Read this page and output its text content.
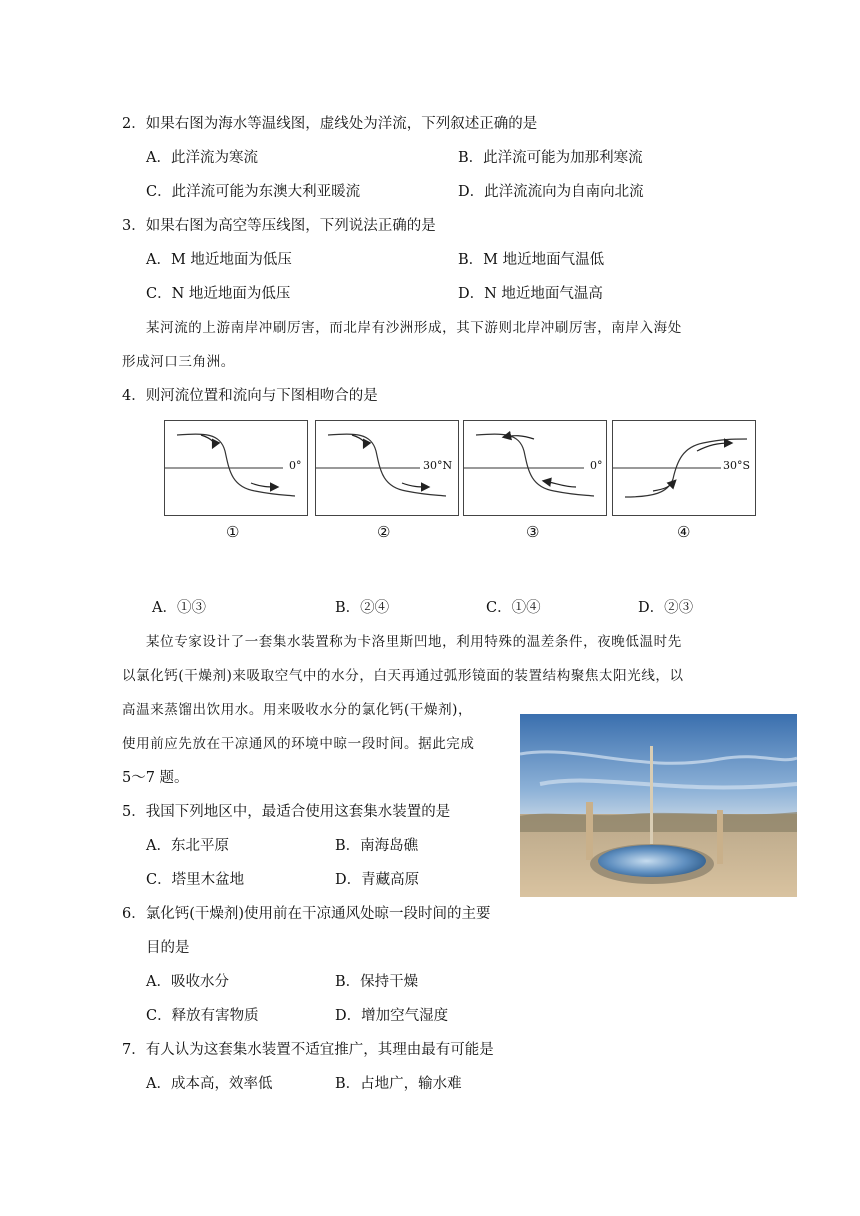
2．如果右图为海水等温线图，虚线处为洋流，下列叙述正确的是
A．此洋流为寒流	B．此洋流可能为加那利寒流
C．此洋流可能为东澳大利亚暖流	D．此洋流流向为自南向北流
3．如果右图为高空等压线图，下列说法正确的是
A．M 地近地面为低压	B．M 地近地面气温低
C．N 地近地面为低压	D．N 地近地面气温高
某河流的上游南岸冲刷厉害，而北岸有沙洲形成，其下游则北岸冲刷厉害，南岸入海处
形成河口三角洲。
4．则河流位置和流向与下图相吻合的是
0°
①
30°N
②
0°
③
30°S
④
A．①③	B．②④	C．①④	D．②③
某位专家设计了一套集水装置称为卡洛里斯凹地，利用特殊的温差条件，夜晚低温时先
以氯化钙(干燥剂)来吸取空气中的水分，白天再通过弧形镜面的装置结构聚焦太阳光线，以
高温来蒸馏出饮用水。用来吸收水分的氯化钙(干燥剂)，
使用前应先放在干凉通风的环境中晾一段时间。据此完成
5～7 题。
5．我国下列地区中，最适合使用这套集水装置的是
A．东北平原	B．南海岛礁
C．塔里木盆地	D．青藏高原
6．氯化钙(干燥剂)使用前在干凉通风处晾一段时间的主要
目的是
A．吸收水分	B．保持干燥
C．释放有害物质	D．增加空气湿度
7．有人认为这套集水装置不适宜推广，其理由最有可能是
A．成本高，效率低	B．占地广，输水难
